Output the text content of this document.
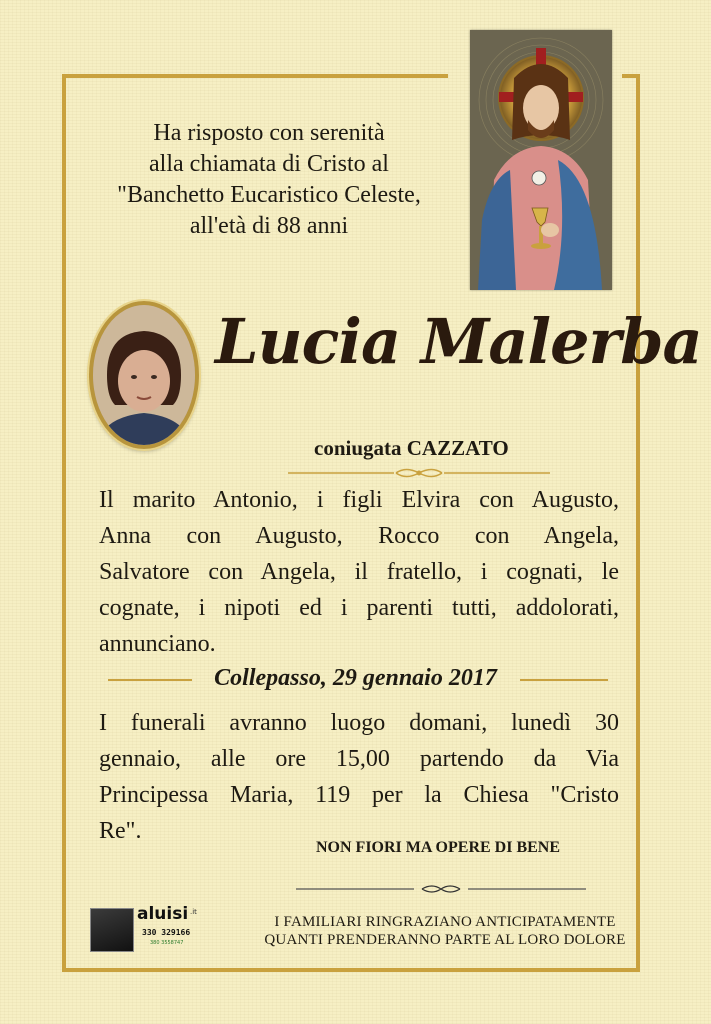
Ha risposto con serenità
alla chiamata di Cristo al
"Banchetto Eucaristico Celeste,
all'età di 88 anni
Lucia Malerba
coniugata CAZZATO
Il marito Antonio, i figli Elvira con Augusto,
Anna con Augusto, Rocco con Angela,
Salvatore con Angela, il fratello, i cognati, le
cognate, i nipoti ed i parenti tutti, addolorati,
annunciano.
Collepasso, 29 gennaio 2017
I funerali avranno luogo domani, lunedì 30
gennaio, alle ore 15,00 partendo da Via
Principessa Maria, 119 per la Chiesa "Cristo
Re".
NON FIORI MA OPERE DI BENE
I FAMILIARI RINGRAZIANO ANTICIPATAMENTE
QUANTI PRENDERANNO PARTE AL LORO DOLORE
aluisi .it
330 329166
380 3558747
